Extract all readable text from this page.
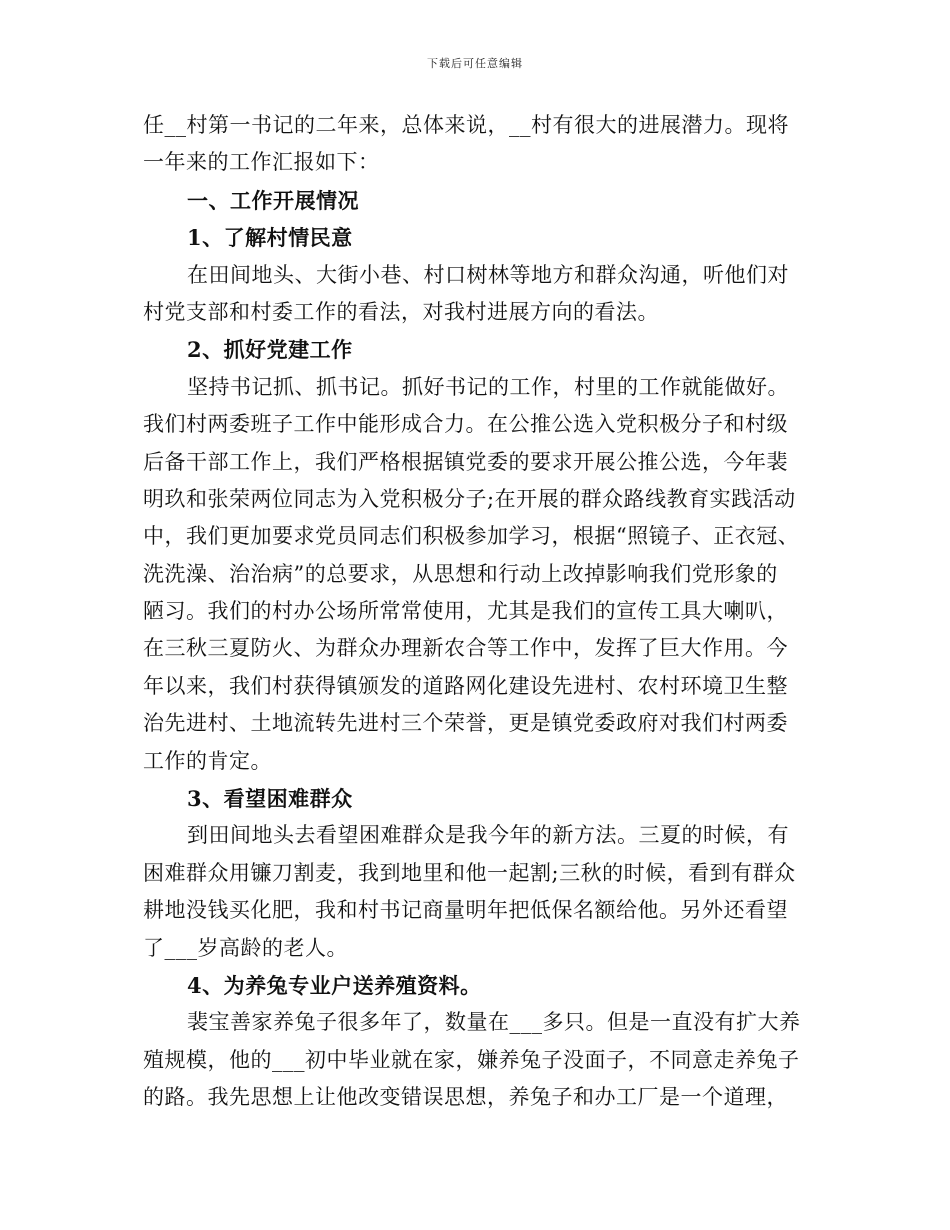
下载后可任意编辑
任__村第一书记的二年来，总体来说，__村有很大的进展潜力。现将
一年来的工作汇报如下：
一、工作开展情况
1、了解村情民意
在田间地头、大街小巷、村口树林等地方和群众沟通，听他们对
村党支部和村委工作的看法，对我村进展方向的看法。
2、抓好党建工作
坚持书记抓、抓书记。抓好书记的工作，村里的工作就能做好。
我们村两委班子工作中能形成合力。在公推公选入党积极分子和村级
后备干部工作上，我们严格根据镇党委的要求开展公推公选，今年裴
明玖和张荣两位同志为入党积极分子;在开展的群众路线教育实践活动
中，我们更加要求党员同志们积极参加学习，根据“照镜子、正衣冠、
洗洗澡、治治病”的总要求，从思想和行动上改掉影响我们党形象的
陋习。我们的村办公场所常常使用，尤其是我们的宣传工具大喇叭，
在三秋三夏防火、为群众办理新农合等工作中，发挥了巨大作用。今
年以来，我们村获得镇颁发的道路网化建设先进村、农村环境卫生整
治先进村、土地流转先进村三个荣誉，更是镇党委政府对我们村两委
工作的肯定。
3、看望困难群众
到田间地头去看望困难群众是我今年的新方法。三夏的时候，有
困难群众用镰刀割麦，我到地里和他一起割;三秋的时候，看到有群众
耕地没钱买化肥，我和村书记商量明年把低保名额给他。另外还看望
了___岁高龄的老人。
4、为养兔专业户送养殖资料。
裴宝善家养兔子很多年了，数量在___多只。但是一直没有扩大养
殖规模，他的___初中毕业就在家，嫌养兔子没面子，不同意走养兔子
的路。我先思想上让他改变错误思想，养兔子和办工厂是一个道理，
